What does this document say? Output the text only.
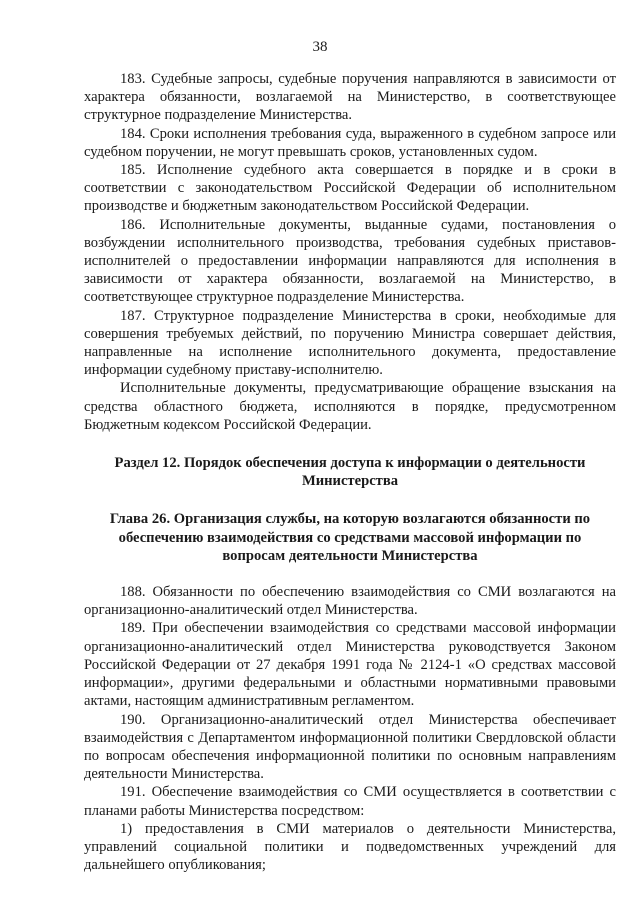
38

183. Судебные запросы, судебные поручения направляются в зависимости от характера обязанности, возлагаемой на Министерство, в соответствующее структурное подразделение Министерства.

184. Сроки исполнения требования суда, выраженного в судебном запросе или судебном поручении, не могут превышать сроков, установленных судом.

185. Исполнение судебного акта совершается в порядке и в сроки в соответствии с законодательством Российской Федерации об исполнительном производстве и бюджетным законодательством Российской Федерации.

186. Исполнительные документы, выданные судами, постановления о возбуждении исполнительного производства, требования судебных приставов-исполнителей о предоставлении информации направляются для исполнения в зависимости от характера обязанности, возлагаемой на Министерство, в соответствующее структурное подразделение Министерства.

187. Структурное подразделение Министерства в сроки, необходимые для совершения требуемых действий, по поручению Министра совершает действия, направленные на исполнение исполнительного документа, предоставление информации судебному приставу-исполнителю.

Исполнительные документы, предусматривающие обращение взыскания на средства областного бюджета, исполняются в порядке, предусмотренном Бюджетным кодексом Российской Федерации.

Раздел 12. Порядок обеспечения доступа к информации о деятельности Министерства

Глава 26. Организация службы, на которую возлагаются обязанности по обеспечению взаимодействия со средствами массовой информации по вопросам деятельности Министерства

188. Обязанности по обеспечению взаимодействия со СМИ возлагаются на организационно-аналитический отдел Министерства.

189. При обеспечении взаимодействия со средствами массовой информации организационно-аналитический отдел Министерства руководствуется Законом Российской Федерации от 27 декабря 1991 года № 2124-1 «О средствах массовой информации», другими федеральными и областными нормативными правовыми актами, настоящим административным регламентом.

190. Организационно-аналитический отдел Министерства обеспечивает взаимодействия с Департаментом информационной политики Свердловской области по вопросам обеспечения информационной политики по основным направлениям деятельности Министерства.

191. Обеспечение взаимодействия со СМИ осуществляется в соответствии с планами работы Министерства посредством:

1) предоставления в СМИ материалов о деятельности Министерства, управлений социальной политики и подведомственных учреждений для дальнейшего опубликования;
